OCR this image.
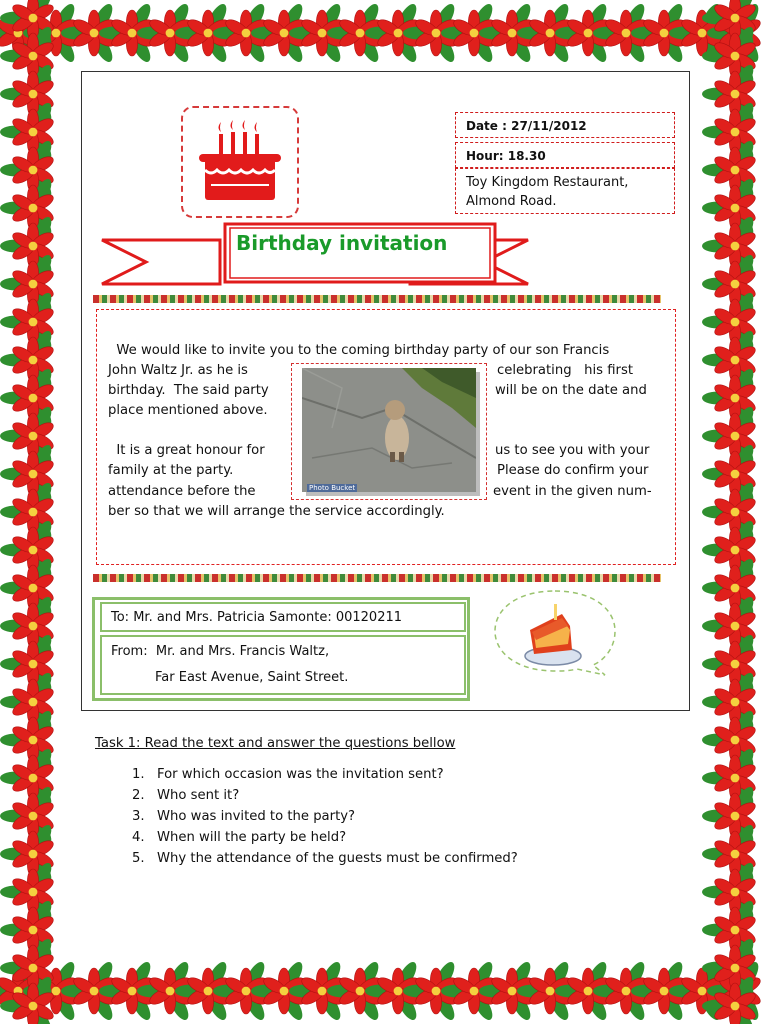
Date : 27/11/2012
Hour: 18.30
Toy Kingdom Restaurant,
Almond Road.
Birthday invitation
We would like to invite you to the coming birthday party of our son Francis
John Waltz Jr. as he is	celebrating   his first
birthday.  The said party	will be on the date and
place mentioned above.
It is a great honour for	us to see you with your
family at the party.	Please do confirm your
attendance before the	event in the given num-
ber so that we will arrange the service accordingly.
Photo Bucket
To: Mr. and Mrs. Patricia Samonte: 00120211
From:  Mr. and Mrs. Francis Waltz,
Far East Avenue, Saint Street.
Task 1: Read the text and answer the questions bellow
1. For which occasion was the invitation sent?
2. Who sent it?
3. Who was invited to the party?
4. When will the party be held?
5. Why the attendance of the guests must be confirmed?
